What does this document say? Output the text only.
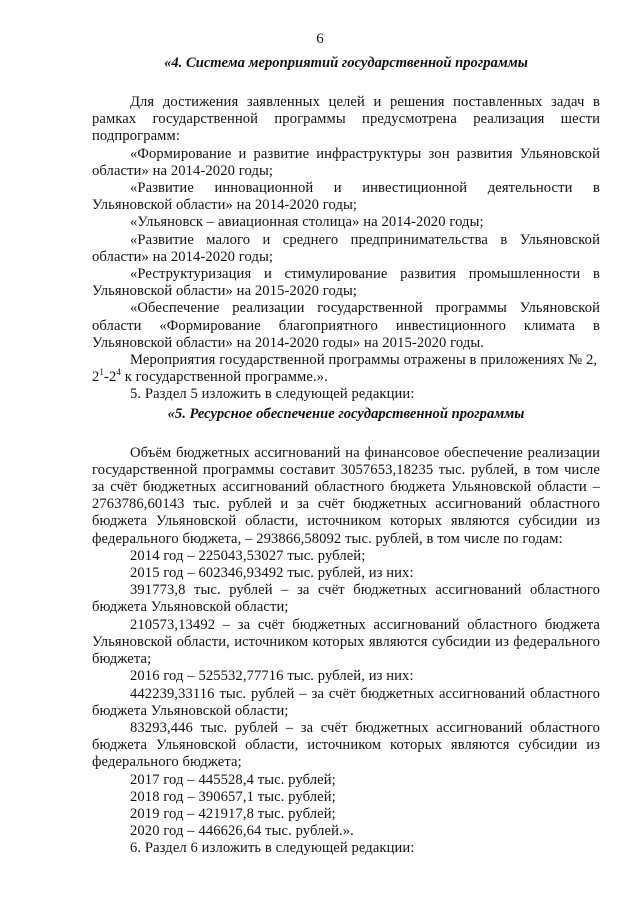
6

«4. Система мероприятий государственной программы

Для достижения заявленных целей и решения поставленных задач в рамках государственной программы предусмотрена реализация шести подпрограмм:

«Формирование и развитие инфраструктуры зон развития Ульяновской области» на 2014-2020 годы;

«Развитие инновационной и инвестиционной деятельности в Ульяновской области» на 2014-2020 годы;

«Ульяновск – авиационная столица» на 2014-2020 годы;

«Развитие малого и среднего предпринимательства в Ульяновской области» на 2014-2020 годы;

«Реструктуризация и стимулирование развития промышленности в Ульяновской области» на 2015-2020 годы;

«Обеспечение реализации государственной программы Ульяновской области «Формирование благоприятного инвестиционного климата в Ульяновской области» на 2014-2020 годы» на 2015-2020 годы.

Мероприятия государственной программы отражены в приложениях № 2,
$2^1-2^4$ к государственной программе.».

5. Раздел 5 изложить в следующей редакции:

«5. Ресурсное обеспечение государственной программы

Объём бюджетных ассигнований на финансовое обеспечение реализации государственной программы составит 3057653,18235 тыс. рублей, в том числе за счёт бюджетных ассигнований областного бюджета Ульяновской области – 2763786,60143 тыс. рублей и за счёт бюджетных ассигнований областного бюджета Ульяновской области, источником которых являются субсидии из федерального бюджета, – 293866,58092 тыс. рублей, в том числе по годам:

2014 год – 225043,53027 тыс. рублей;

2015 год – 602346,93492 тыс. рублей, из них:

391773,8 тыс. рублей – за счёт бюджетных ассигнований областного бюджета Ульяновской области;

210573,13492 – за счёт бюджетных ассигнований областного бюджета Ульяновской области, источником которых являются субсидии из федерального бюджета;

2016 год – 525532,77716 тыс. рублей, из них:

442239,33116 тыс. рублей – за счёт бюджетных ассигнований областного бюджета Ульяновской области;

83293,446 тыс. рублей – за счёт бюджетных ассигнований областного бюджета Ульяновской области, источником которых являются субсидии из федерального бюджета;

2017 год – 445528,4 тыс. рублей;

2018 год – 390657,1 тыс. рублей;

2019 год – 421917,8 тыс. рублей;

2020 год – 446626,64 тыс. рублей.».

6. Раздел 6 изложить в следующей редакции:
